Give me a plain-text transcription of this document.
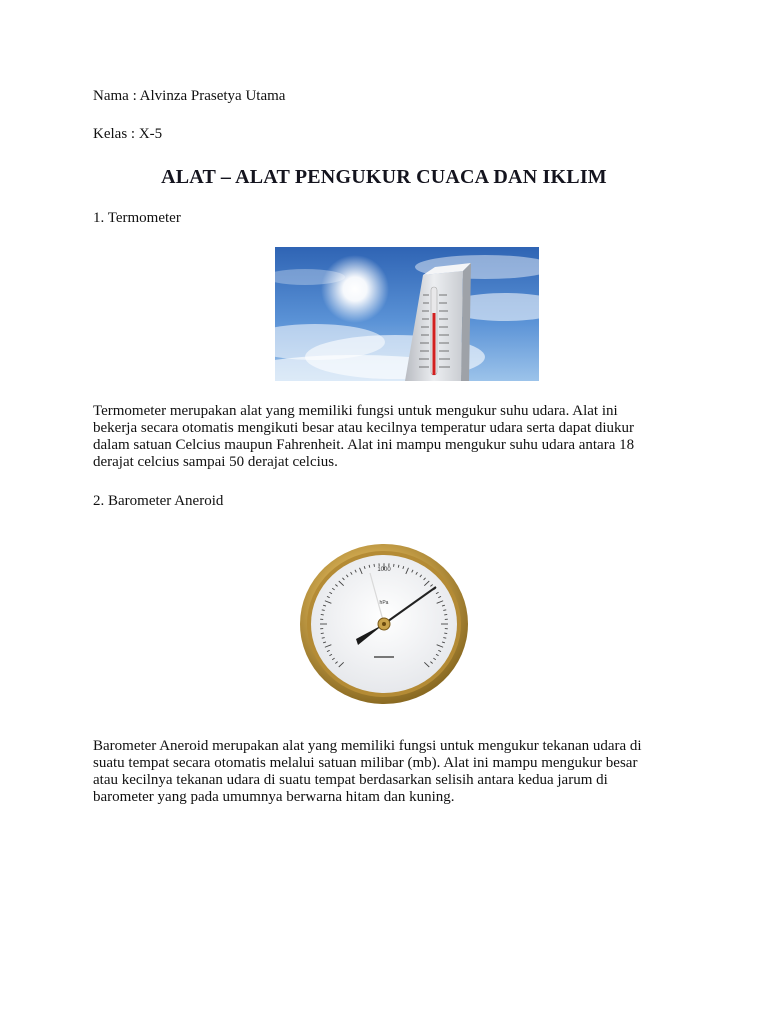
Nama : Alvinza Prasetya Utama
Kelas : X-5
ALAT – ALAT PENGUKUR CUACA DAN IKLIM
1. Termometer
Termometer merupakan alat yang memiliki fungsi untuk mengukur suhu udara. Alat ini
bekerja secara otomatis mengikuti besar atau kecilnya temperatur udara serta dapat diukur
dalam satuan Celcius maupun Fahrenheit. Alat ini mampu mengukur suhu udara antara 18
derajat celcius sampai 50 derajat celcius.
2. Barometer Aneroid
1000
hPa
Barometer Aneroid merupakan alat yang memiliki fungsi untuk mengukur tekanan udara di
suatu tempat secara otomatis melalui satuan milibar (mb). Alat ini mampu mengukur besar
atau kecilnya tekanan udara di suatu tempat berdasarkan selisih antara kedua jarum di
barometer yang pada umumnya berwarna hitam dan kuning.
